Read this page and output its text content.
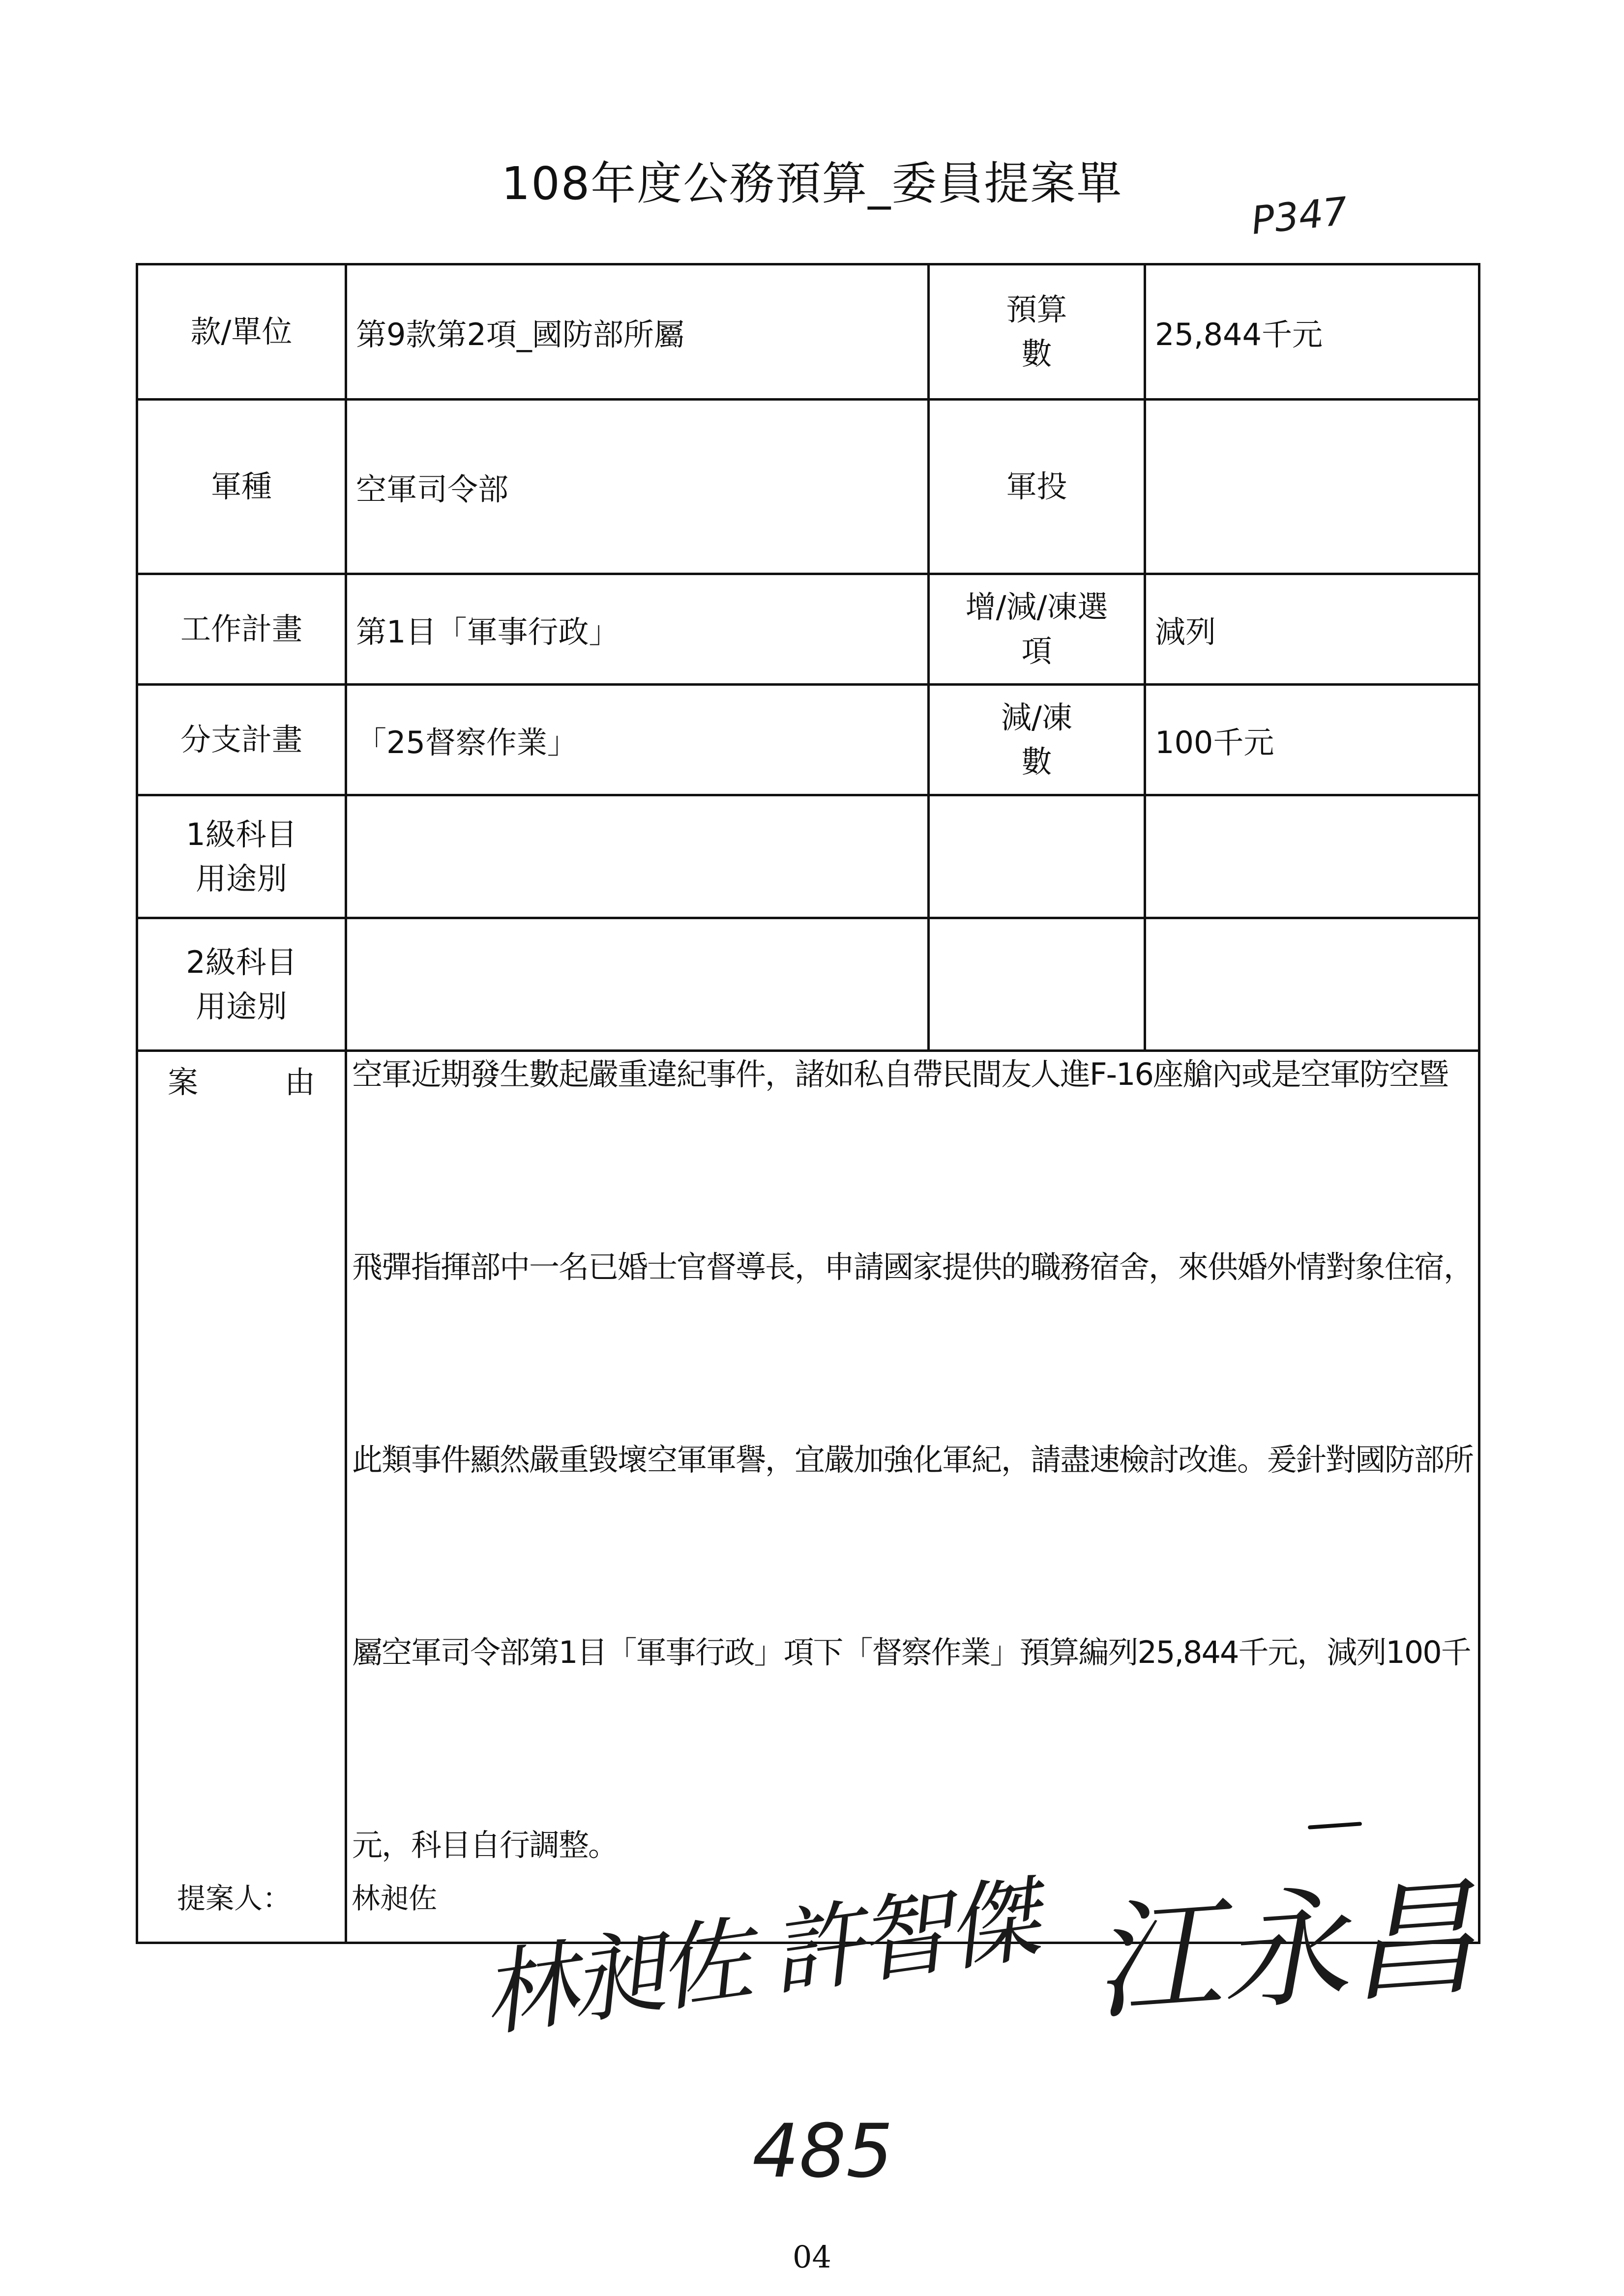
108年度公務預算_委員提案單
P347
款/單位	第9款第2項_國防部所屬	預算數	25,844千元
軍種	空軍司令部	軍投	
工作計畫	第1目「軍事行政」	增/減/凍選項	減列
分支計畫	「25督察作業」	減/凍數	100千元
1級科目用途別			
2級科目用途別			

案 由	空軍近期發生數起嚴重違紀事件，諸如私自帶民間友人進F-16座艙內或是空軍防空暨飛彈指揮部中一名已婚士官督導長，申請國家提供的職務宿舍，來供婚外情對象住宿，此類事件顯然嚴重毀壞空軍軍譽，宜嚴加強化軍紀，請盡速檢討改進。爰針對國防部所屬空軍司令部第1目「軍事行政」項下「督察作業」預算編列25,844千元，減列100千元，科目自行調整。		
提案人： 林昶佐 林昶佐 許智傑 江永昌
485
04
